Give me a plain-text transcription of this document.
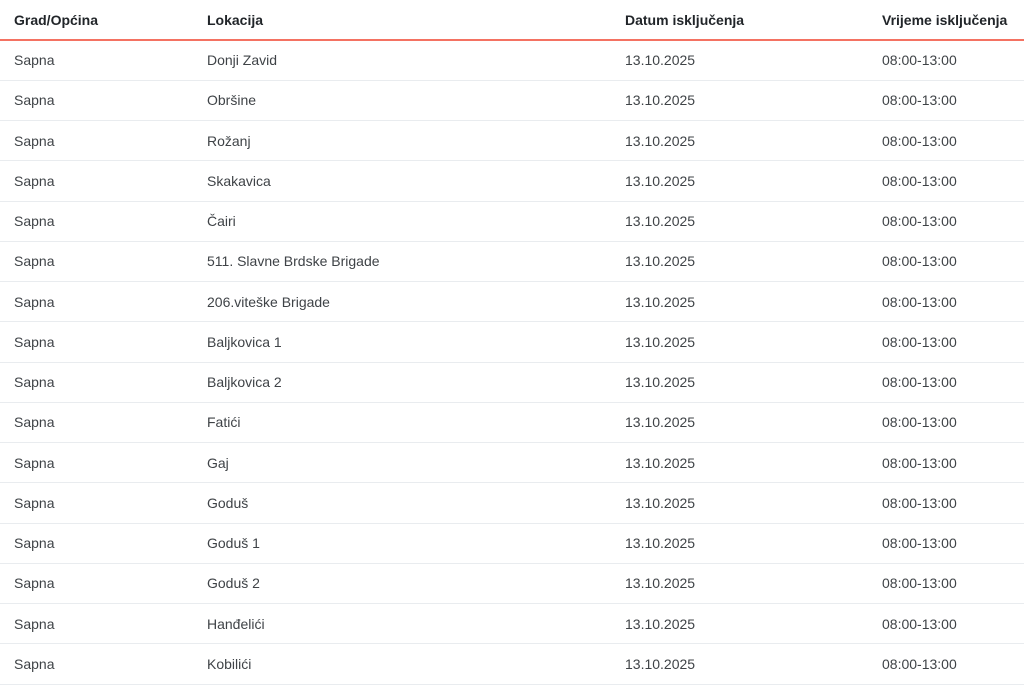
Grad/Općina	Lokacija	Datum isključenja	Vrijeme isključenja
Sapna	Donji Zavid	13.10.2025	08:00-13:00
Sapna	Obršine	13.10.2025	08:00-13:00
Sapna	Rožanj	13.10.2025	08:00-13:00
Sapna	Skakavica	13.10.2025	08:00-13:00
Sapna	Čairi	13.10.2025	08:00-13:00
Sapna	511. Slavne Brdske Brigade	13.10.2025	08:00-13:00
Sapna	206.viteške Brigade	13.10.2025	08:00-13:00
Sapna	Baljkovica 1	13.10.2025	08:00-13:00
Sapna	Baljkovica 2	13.10.2025	08:00-13:00
Sapna	Fatići	13.10.2025	08:00-13:00
Sapna	Gaj	13.10.2025	08:00-13:00
Sapna	Goduš	13.10.2025	08:00-13:00
Sapna	Goduš 1	13.10.2025	08:00-13:00
Sapna	Goduš 2	13.10.2025	08:00-13:00
Sapna	Hanđelići	13.10.2025	08:00-13:00
Sapna	Kobilići	13.10.2025	08:00-13:00
